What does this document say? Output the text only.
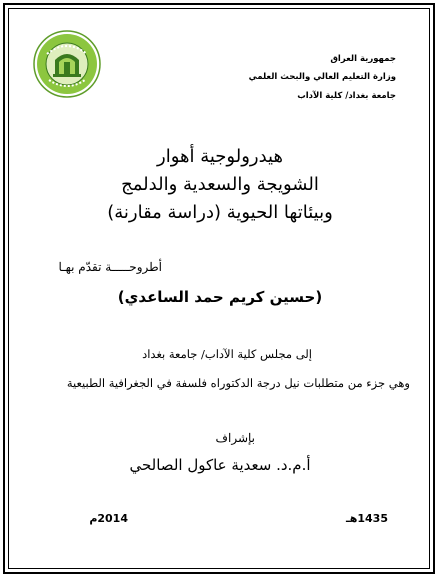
جمهورية العراق
وزارة التعليم العالي والبحث العلمي
جامعة بغداد/ كلية الآداب
هيدرولوجية أهوار
الشويجة والسعدية والدلمج
وبيئاتها الحيوية (دراسة مقارنة)
أطروحـــــة تقدّم بهـا
(حسين كريم حمد الساعدي)
إلى مجلس كلية الآداب/ جامعة بغداد
وهي جزء من متطلبات نيل درجة الدكتوراه فلسفة في الجغرافية الطبيعية
بإشراف
أ.م.د. سعدية عاكول الصالحي
1435هـ
2014م
